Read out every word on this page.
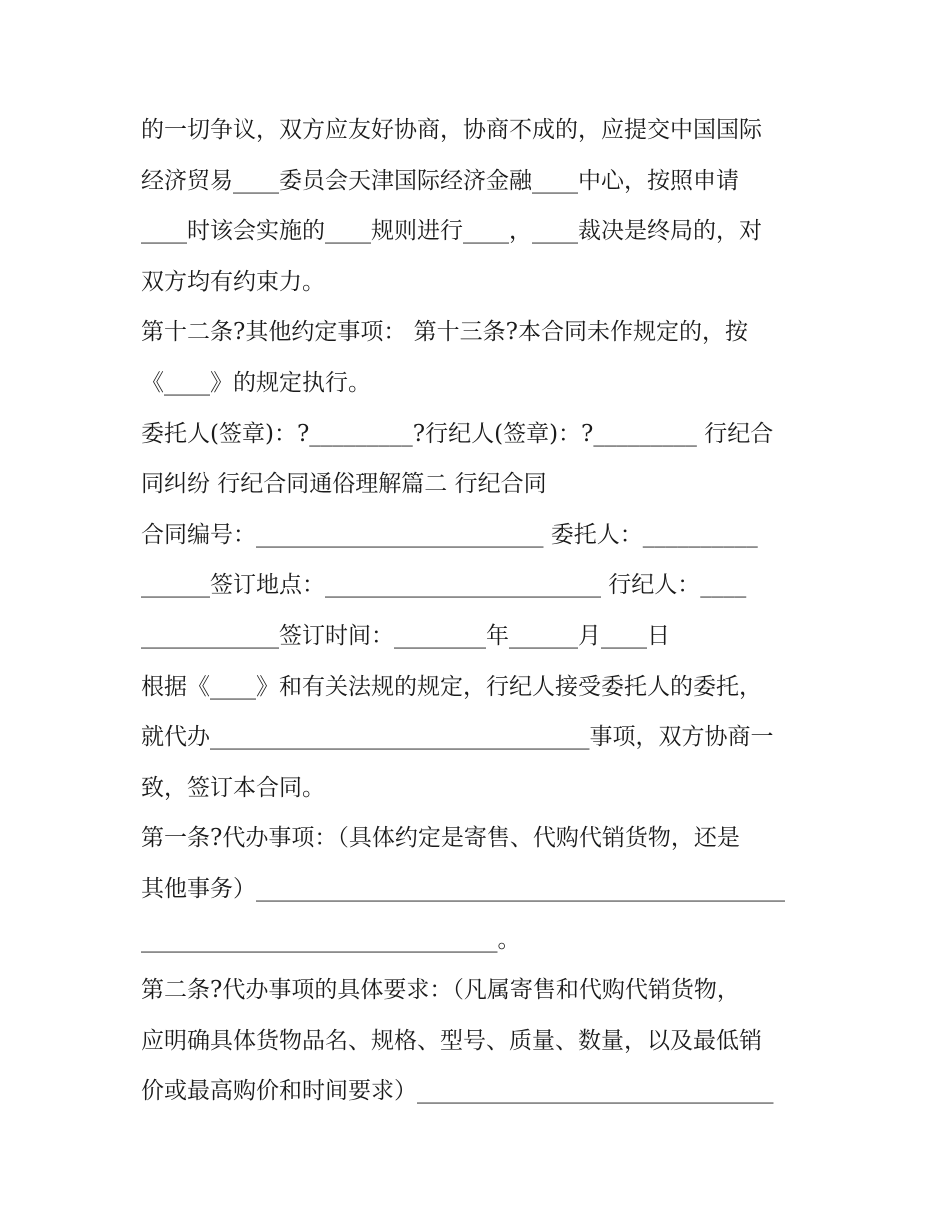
的一切争议，双方应友好协商，协商不成的，应提交中国国际
经济贸易____委员会天津国际经济金融____中心，按照申请
____时该会实施的____规则进行____，____裁决是终局的，对
双方均有约束力。
第十二条?其他约定事项： 第十三条?本合同未作规定的，按
《____》的规定执行。
委托人(签章)：?_________?行纪人(签章)：?_________ 行纪合
同纠纷 行纪合同通俗理解篇二 行纪合同
合同编号：_________________________ 委托人：__________
______签订地点：________________________ 行纪人：____
____________签订时间：________年______月____日
根据《____》和有关法规的规定，行纪人接受委托人的委托，
就代办_________________________________事项，双方协商一
致，签订本合同。
第一条?代办事项：（具体约定是寄售、代购代销货物，还是
其他事务）______________________________________________
_______________________________。
第二条?代办事项的具体要求：（凡属寄售和代购代销货物，
应明确具体货物品名、规格、型号、质量、数量，以及最低销
价或最高购价和时间要求）_______________________________
